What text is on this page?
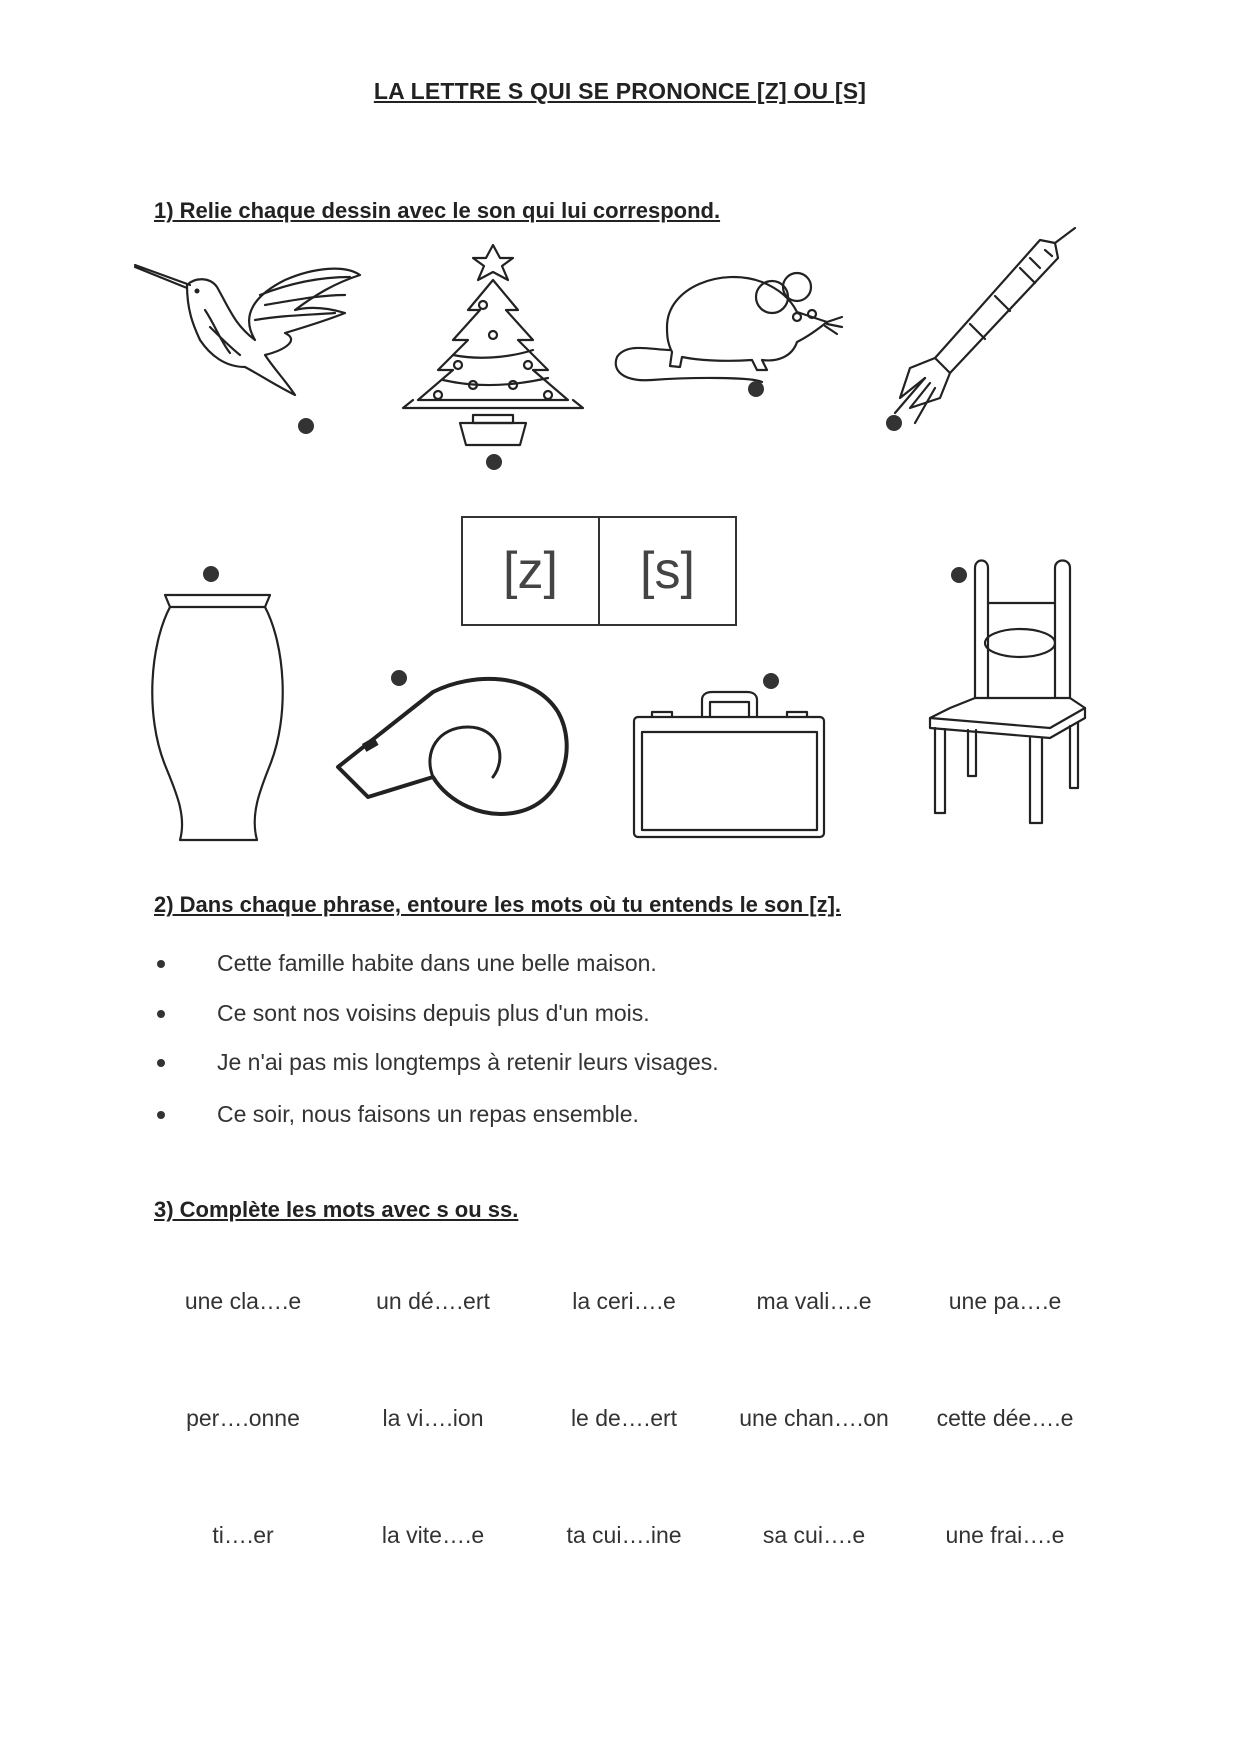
LA LETTRE S QUI SE PRONONCE [Z] OU [S]
1) Relie chaque dessin avec le son qui lui correspond.
[z]	[s]
2) Dans chaque phrase, entoure les mots où tu entends le son [z].
Cette famille habite dans une belle maison.
Ce sont nos voisins depuis plus d'un mois.
Je n'ai pas mis longtemps à retenir leurs visages.
Ce soir, nous faisons un repas ensemble.
3) Complète les mots avec s ou ss.
une cla….e	un dé….ert	la ceri….e	ma vali….e	une pa….e
per….onne	la vi….ion	le de….ert	une chan….on	cette dée….e
ti….er	la vite….e	ta cui….ine	sa cui….e	une frai….e
